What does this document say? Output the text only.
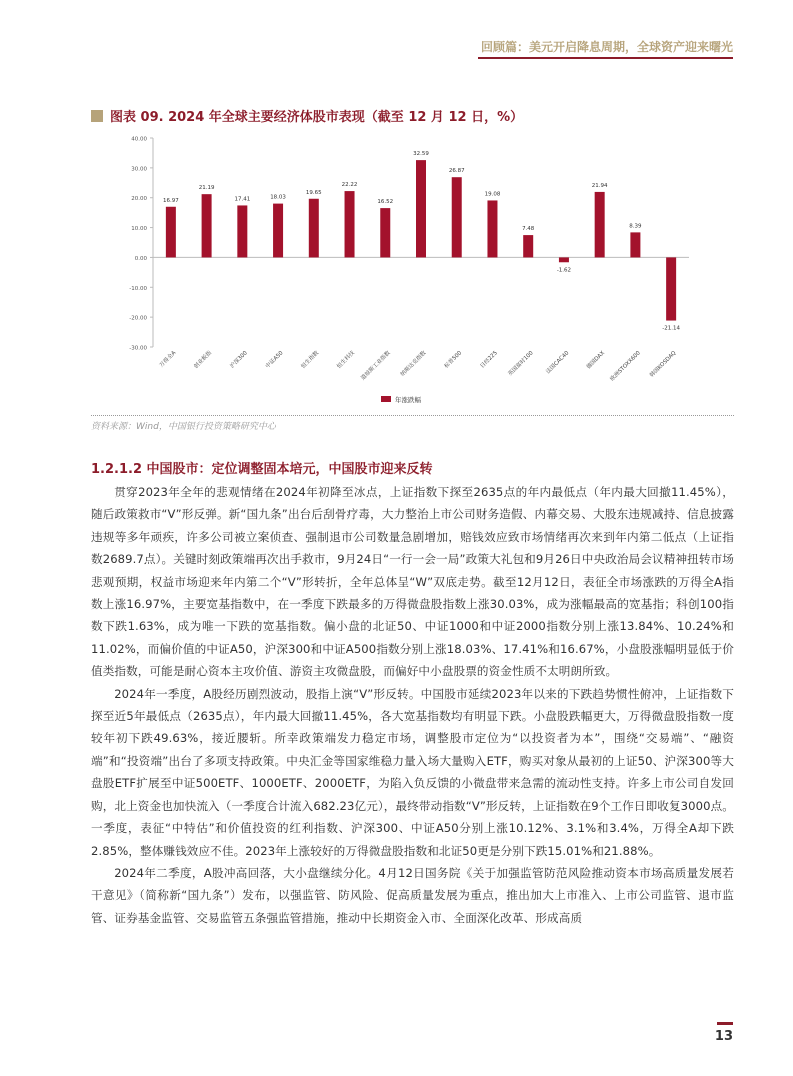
回顾篇：美元开启降息周期，全球资产迎来曙光
图表 09. 2024 年全球主要经济体股市表现（截至 12 月 12 日，%）
40.00
30.00
20.00
10.00
0.00
-10.00
-20.00
-30.00
万得全A	创业板指	沪深300	中证A50	恒生指数	恒生科技 道琼斯工业指数 纳斯达克指数	标普500	日经225 英国富时100 法国CAC40	德国DAX 欧洲STOXX600 韩国KOSDAQ
16.97
21.19
17.41	18.03
19.65
22.22
16.52
32.59
26.87
19.08
7.48
-1.62
21.94
8.39
-21.14
年涨跌幅
资料来源：Wind，中国银行投资策略研究中心
1.2.1.2 中国股市：定位调整固本培元，中国股市迎来反转

贯穿2023年全年的悲观情绪在2024年初降至冰点，上证指数下探至2635点的年内最低点（年内最大回撤11.45%），随后政策救市“V”形反弹。新“国九条”出台后刮骨疗毒，大力整治上市公司财务造假、内幕交易、大股东违规减持、信息披露违规等多年顽疾，许多公司被立案侦查、强制退市公司数量急剧增加，赔钱效应致市场情绪再次来到年内第二低点（上证指数2689.7点）。关键时刻政策端再次出手救市，9月24日“一行一会一局”政策大礼包和9月26日中央政治局会议精神扭转市场悲观预期，权益市场迎来年内第二个“V”形转折，全年总体呈“W”双底走势。截至12月12日，表征全市场涨跌的万得全A指数上涨16.97%，主要宽基指数中，在一季度下跌最多的万得微盘股指数上涨30.03%，成为涨幅最高的宽基指；科创100指数下跌1.63%，成为唯一下跌的宽基指数。偏小盘的北证50、中证1000和中证2000指数分别上涨13.84%、10.24%和11.02%，而偏价值的中证A50，沪深300和中证A500指数分别上涨18.03%、17.41%和16.67%，小盘股涨幅明显低于价值类指数，可能是耐心资本主攻价值、游资主攻微盘股，而偏好中小盘股票的资金性质不太明朗所致。

2024年一季度，A股经历剧烈波动，股指上演“V”形反转。中国股市延续2023年以来的下跌趋势惯性俯冲，上证指数下探至近5年最低点（2635点），年内最大回撤11.45%，各大宽基指数均有明显下跌。小盘股跌幅更大，万得微盘股指数一度较年初下跌49.63%，接近腰斩。所幸政策端发力稳定市场，调整股市定位为“以投资者为本”，围绕“交易端”、“融资端”和“投资端”出台了多项支持政策。中央汇金等国家维稳力量入场大量购入ETF，购买对象从最初的上证50、沪深300等大盘股ETF扩展至中证500ETF、1000ETF、2000ETF，为陷入负反馈的小微盘带来急需的流动性支持。许多上市公司自发回购，北上资金也加快流入（一季度合计流入682.23亿元），最终带动指数“V”形反转，上证指数在9个工作日即收复3000点。一季度，表征“中特估”和价值投资的红利指数、沪深300、中证A50分别上涨10.12%、3.1%和3.4%，万得全A却下跌2.85%，整体赚钱效应不佳。2023年上涨较好的万得微盘股指数和北证50更是分别下跌15.01%和21.88%。

2024年二季度，A股冲高回落，大小盘继续分化。4月12日国务院《关于加强监管防范风险推动资本市场高质量发展若干意见》（简称新“国九条”）发布，以强监管、防风险、促高质量发展为重点，推出加大上市准入、上市公司监管、退市监管、证券基金监管、交易监管五条强监管措施，推动中长期资金入市、全面深化改革、形成高质

13
